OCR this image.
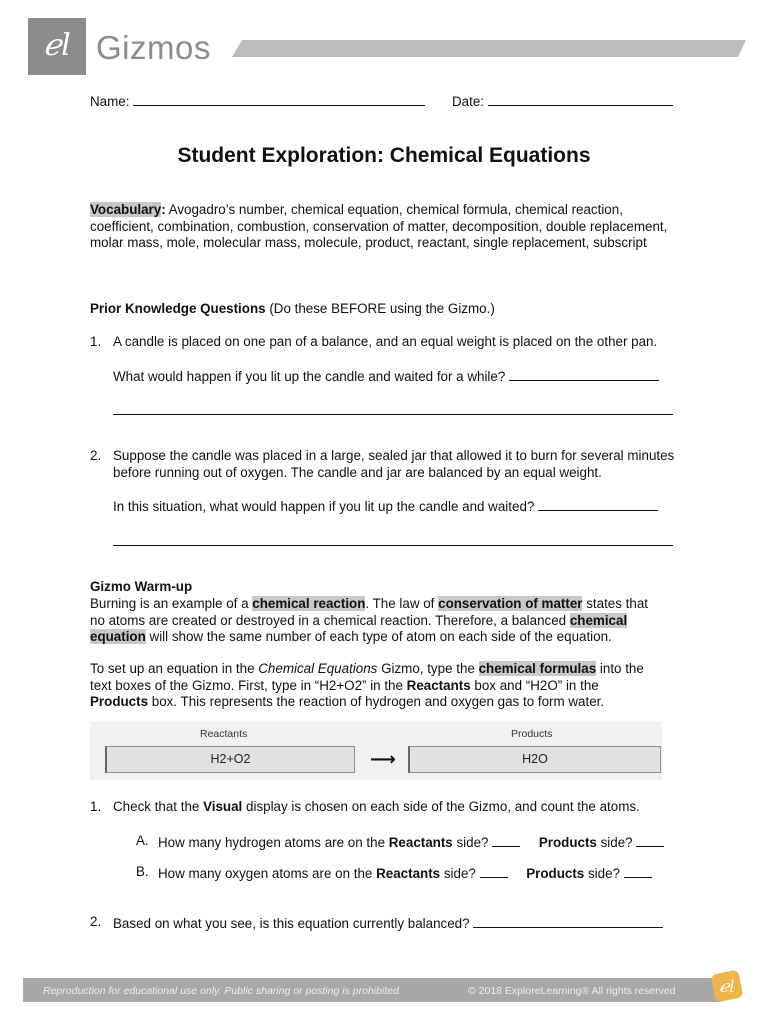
ℯl Gizmos
Name:	Date:
Student Exploration: Chemical Equations
Vocabulary: Avogadro’s number, chemical equation, chemical formula, chemical reaction, coefficient, combination, combustion, conservation of matter, decomposition, double replacement, molar mass, mole, molecular mass, molecule, product, reactant, single replacement, subscript
Prior Knowledge Questions (Do these BEFORE using the Gizmo.)
1. A candle is placed on one pan of a balance, and an equal weight is placed on the other pan.
What would happen if you lit up the candle and waited for a while?
2. Suppose the candle was placed in a large, sealed jar that allowed it to burn for several minutes before running out of oxygen. The candle and jar are balanced by an equal weight.
In this situation, what would happen if you lit up the candle and waited?
Gizmo Warm-up
Burning is an example of a chemical reaction. The law of conservation of matter states that no atoms are created or destroyed in a chemical reaction. Therefore, a balanced chemical equation will show the same number of each type of atom on each side of the equation.
To set up an equation in the Chemical Equations Gizmo, type the chemical formulas into the text boxes of the Gizmo. First, type in “H2+O2” in the Reactants box and “H2O” in the Products box. This represents the reaction of hydrogen and oxygen gas to form water.
Reactants	Products
H2+O2	⟶	H2O
1. Check that the Visual display is chosen on each side of the Gizmo, and count the atoms.
A. How many hydrogen atoms are on the Reactants side?	Products side?
B. How many oxygen atoms are on the Reactants side?	Products side?
2. Based on what you see, is this equation currently balanced?
Reproduction for educational use only. Public sharing or posting is prohibited.	© 2018 ExploreLearning® All rights reserved	ℯl
